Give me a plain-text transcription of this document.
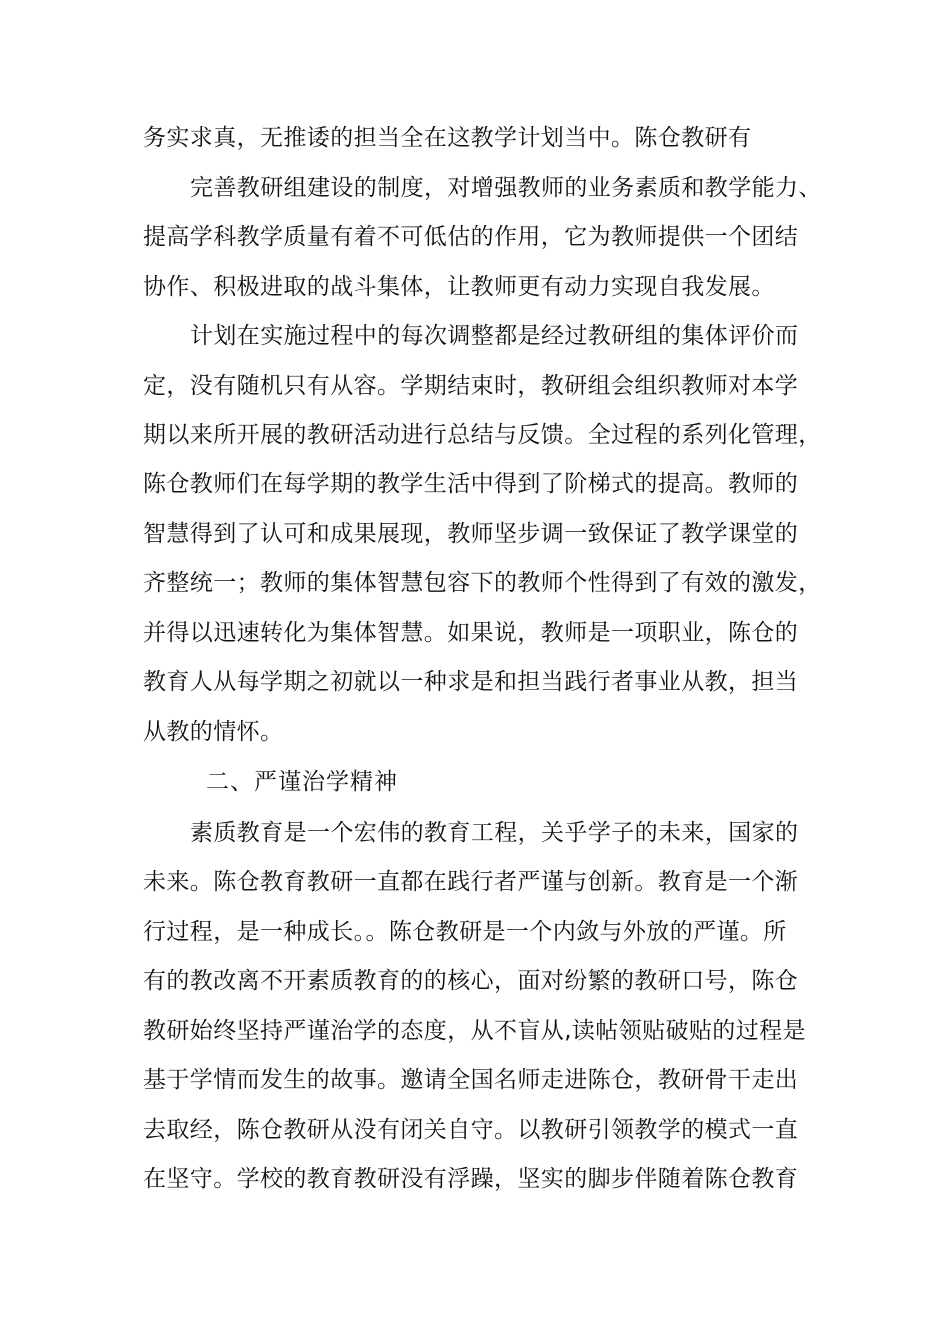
务实求真，无推诿的担当全在这教学计划当中。陈仓教研有
完善教研组建设的制度，对增强教师的业务素质和教学能力、
提高学科教学质量有着不可低估的作用，它为教师提供一个团结
协作、积极进取的战斗集体，让教师更有动力实现自我发展。
计划在实施过程中的每次调整都是经过教研组的集体评价而
定，没有随机只有从容。学期结束时，教研组会组织教师对本学
期以来所开展的教研活动进行总结与反馈。全过程的系列化管理，
陈仓教师们在每学期的教学生活中得到了阶梯式的提高。教师的
智慧得到了认可和成果展现，教师坚步调一致保证了教学课堂的
齐整统一；教师的集体智慧包容下的教师个性得到了有效的激发，
并得以迅速转化为集体智慧。如果说，教师是一项职业，陈仓的
教育人从每学期之初就以一种求是和担当践行者事业从教，担当
从教的情怀。
二、严谨治学精神
素质教育是一个宏伟的教育工程，关乎学子的未来，国家的
未来。陈仓教育教研一直都在践行者严谨与创新。教育是一个渐
行过程，是一种成长。。陈仓教研是一个内敛与外放的严谨。所
有的教改离不开素质教育的的核心，面对纷繁的教研口号，陈仓
教研始终坚持严谨治学的态度，从不盲从,读帖领贴破贴的过程是
基于学情而发生的故事。邀请全国名师走进陈仓，教研骨干走出
去取经，陈仓教研从没有闭关自守。以教研引领教学的模式一直
在坚守。学校的教育教研没有浮躁，坚实的脚步伴随着陈仓教育
